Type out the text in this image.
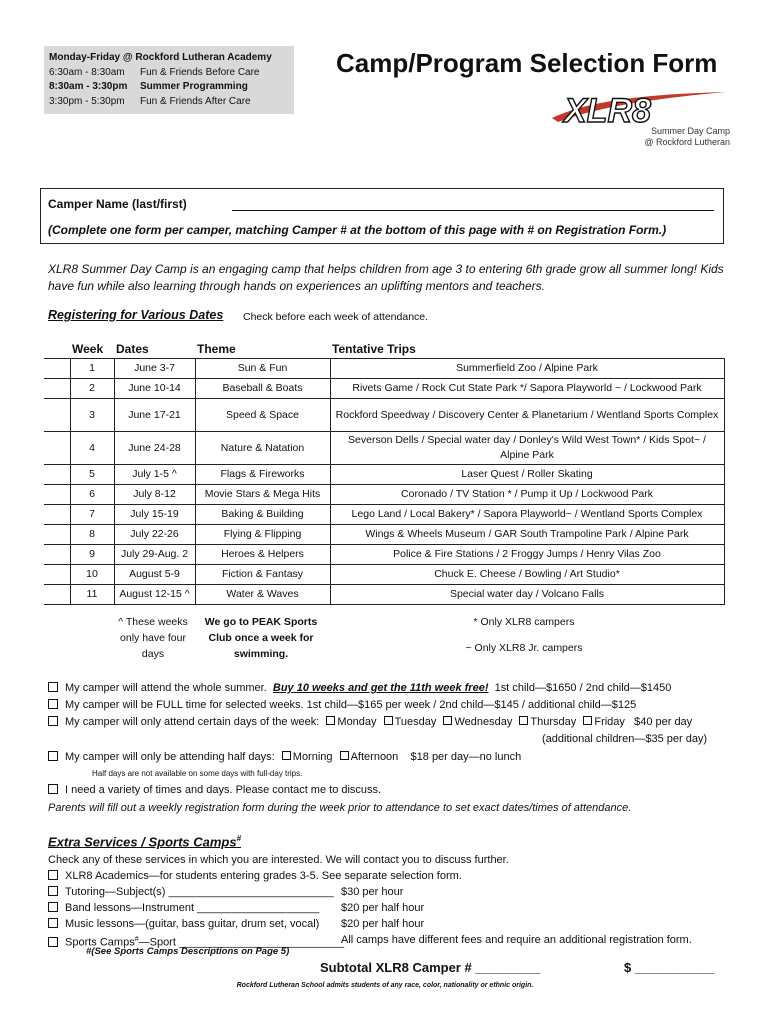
Monday-Friday @ Rockford Lutheran Academy
6:30am - 8:30am Fun & Friends Before Care
8:30am - 3:30pm Summer Programming
3:30pm - 5:30pm Fun & Friends After Care
Camp/Program Selection Form
XLR8
Summer Day Camp
@ Rockford Lutheran
Camper Name (last/first)
(Complete one form per camper, matching Camper # at the bottom of this page with # on Registration Form.)
XLR8 Summer Day Camp is an engaging camp that helps children from age 3 to entering 6th grade grow all summer long! Kids have fun while also learning through hands on experiences an uplifting mentors and teachers.
Registering for Various Dates Check before each week of attendance.
	Week	Dates	Theme	Tentative Trips
	1	June 3-7	Sun & Fun	Summerfield Zoo / Alpine Park
	2	June 10-14	Baseball & Boats	Rivets Game / Rock Cut State Park */ Sapora Playworld ~ / Lockwood Park
	3	June 17-21	Speed & Space	Rockford Speedway / Discovery Center & Planetarium / Wentland Sports Complex
	4	June 24-28	Nature & Natation	Severson Dells / Special water day / Donley's Wild West Town* / Kids Spot~ / Alpine Park
	5	July 1-5 ^	Flags & Fireworks	Laser Quest / Roller Skating
	6	July 8-12	Movie Stars & Mega Hits	Coronado / TV Station * / Pump it Up / Lockwood Park
	7	July 15-19	Baking & Building	Lego Land / Local Bakery* / Sapora Playworld~ / Wentland Sports Complex
	8	July 22-26	Flying & Flipping	Wings & Wheels Museum / GAR South Trampoline Park / Alpine Park
	9	July 29-Aug. 2	Heroes & Helpers	Police & Fire Stations / 2 Froggy Jumps / Henry Vilas Zoo
	10	August 5-9	Fiction & Fantasy	Chuck E. Cheese / Bowling / Art Studio*
	11	August 12-15 ^	Water & Waves	Special water day / Volcano Falls
^ These weeks only have four days
We go to PEAK Sports Club once a week for swimming.
* Only XLR8 campers
~ Only XLR8 Jr. campers
My camper will attend the whole summer. Buy 10 weeks and get the 11th week free! 1st child—$1650 / 2nd child—$1450
My camper will be FULL time for selected weeks. 1st child—$165 per week / 2nd child—$145 / additional child—$125
My camper will only attend certain days of the week: Monday Tuesday Wednesday Thursday Friday $40 per day
(additional children—$35 per day)
My camper will only be attending half days: Morning Afternoon $18 per day—no lunch
Half days are not available on some days with full-day trips.
I need a variety of times and days. Please contact me to discuss.
Parents will fill out a weekly registration form during the week prior to attendance to set exact dates/times of attendance.
Extra Services / Sports Camps#
Check any of these services in which you are interested. We will contact you to discuss further.
XLR8 Academics—for students entering grades 3-5. See separate selection form.
Tutoring—Subject(s) ___________________________ $30 per hour
Band lessons—Instrument ____________________ $20 per half hour
Music lessons—(guitar, bass guitar, drum set, vocal) $20 per half hour
Sports Camps#—Sport ___________________________
All camps have different fees and require an additional registration form.
#(See Sports Camps Descriptions on Page 5)
Subtotal XLR8 Camper # _________	$ ___________
Rockford Lutheran School admits students of any race, color, nationality or ethnic origin.
